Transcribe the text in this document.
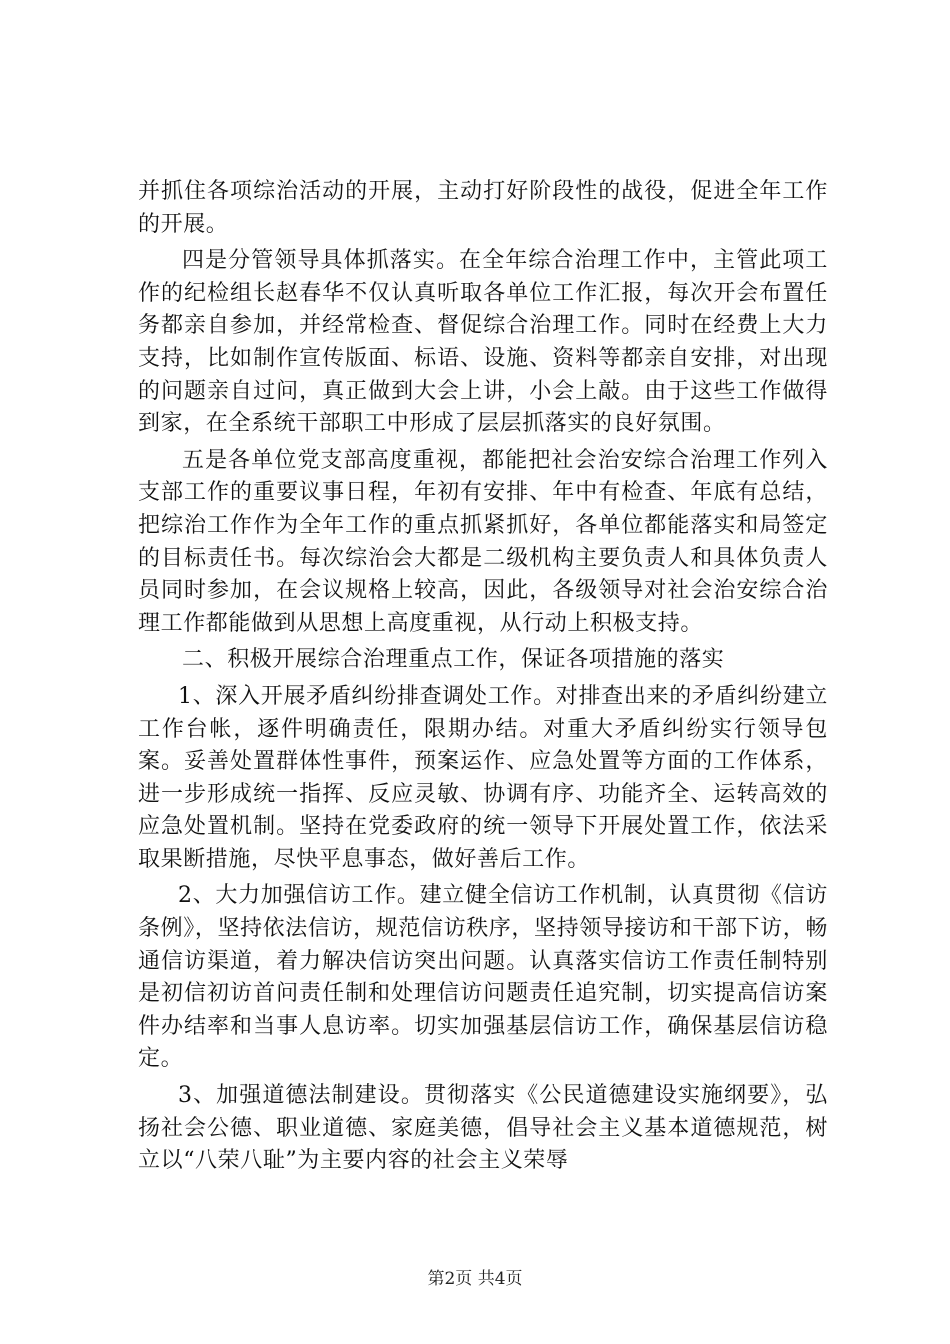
并抓住各项综治活动的开展，主动打好阶段性的战役，促进全年工作的开展。

四是分管领导具体抓落实。在全年综合治理工作中，主管此项工作的纪检组长赵春华不仅认真听取各单位工作汇报，每次开会布置任务都亲自参加，并经常检查、督促综合治理工作。同时在经费上大力支持，比如制作宣传版面、标语、设施、资料等都亲自安排，对出现的问题亲自过问，真正做到大会上讲，小会上敲。由于这些工作做得到家，在全系统干部职工中形成了层层抓落实的良好氛围。

五是各单位党支部高度重视，都能把社会治安综合治理工作列入支部工作的重要议事日程，年初有安排、年中有检查、年底有总结，把综治工作作为全年工作的重点抓紧抓好，各单位都能落实和局签定的目标责任书。每次综治会大都是二级机构主要负责人和具体负责人员同时参加，在会议规格上较高，因此，各级领导对社会治安综合治理工作都能做到从思想上高度重视，从行动上积极支持。

二、积极开展综合治理重点工作，保证各项措施的落实

1、深入开展矛盾纠纷排查调处工作。对排查出来的矛盾纠纷建立工作台帐，逐件明确责任，限期办结。对重大矛盾纠纷实行领导包案。妥善处置群体性事件，预案运作、应急处置等方面的工作体系，进一步形成统一指挥、反应灵敏、协调有序、功能齐全、运转高效的应急处置机制。坚持在党委政府的统一领导下开展处置工作，依法采取果断措施，尽快平息事态，做好善后工作。

2、大力加强信访工作。建立健全信访工作机制，认真贯彻《信访条例》，坚持依法信访，规范信访秩序，坚持领导接访和干部下访，畅通信访渠道，着力解决信访突出问题。认真落实信访工作责任制特别是初信初访首问责任制和处理信访问题责任追究制，切实提高信访案件办结率和当事人息访率。切实加强基层信访工作，确保基层信访稳定。

3、加强道德法制建设。贯彻落实《公民道德建设实施纲要》，弘扬社会公德、职业道德、家庭美德，倡导社会主义基本道德规范，树立以“八荣八耻”为主要内容的社会主义荣辱

第2页 共4页
